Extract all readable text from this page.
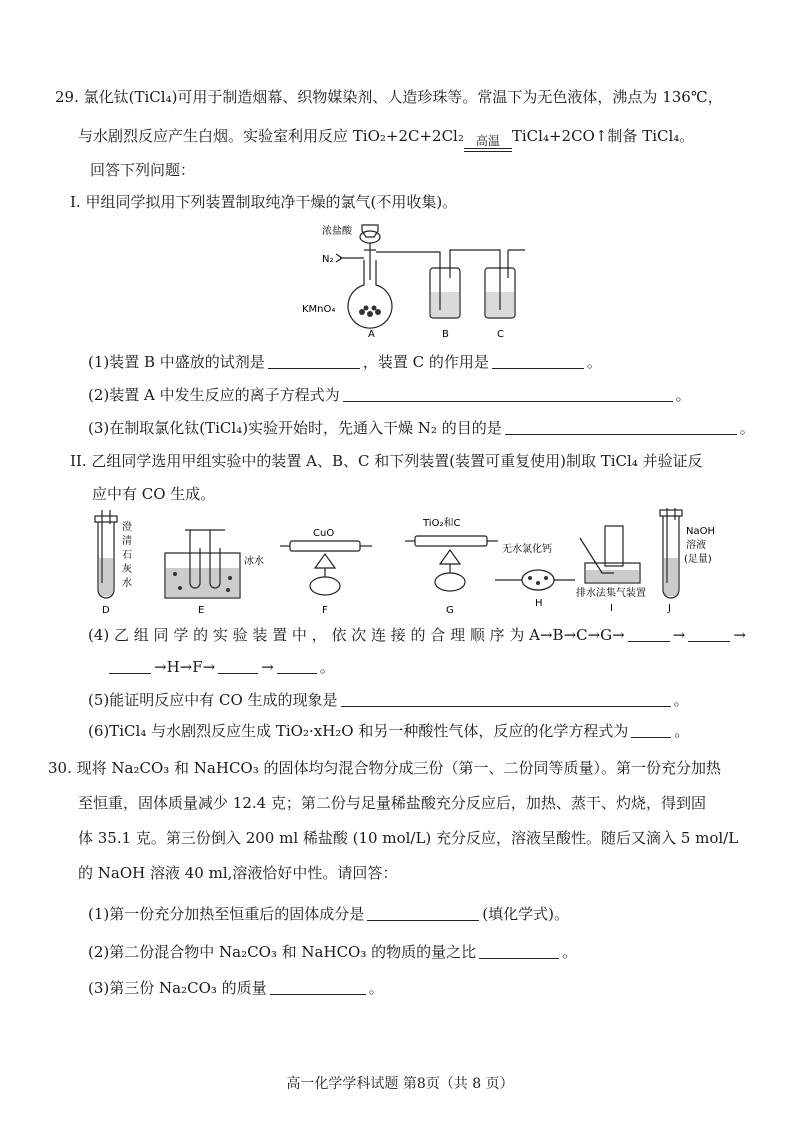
29. 氯化钛(TiCl₄)可用于制造烟幕、织物媒染剂、人造珍珠等。常温下为无色液体，沸点为 136℃，
与水剧烈反应产生白烟。实验室利用反应 TiO₂+2C+2Cl₂ 高温 TiCl₄+2CO↑制备 TiCl₄。
回答下列问题：
I. 甲组同学拟用下列装置制取纯净干燥的氯气(不用收集)。
浓盐酸
N₂
KMnO₄
A	B	C
(1)装置 B 中盛放的试剂是	，装置 C 的作用是	。
(2)装置 A 中发生反应的离子方程式为	。
(3)在制取氯化钛(TiCl₄)实验开始时，先通入干燥 N₂ 的目的是	。
II. 乙组同学选用甲组实验中的装置 A、B、C 和下列装置(装置可重复使用)制取 TiCl₄ 并验证反
应中有 CO 生成。
澄
清
石
灰
水
冰水
CuO
TiO₂和C
无水氯化钙
排水法集气装置
NaOH
溶液
(足量)
D	E	F	G
H	I	J
(4) 乙 组 同 学 的 实 验 装 置 中 ， 依 次 连 接 的 合 理 顺 序 为 A→B→C→G→	→	→
→H→F→	→	。
(5)能证明反应中有 CO 生成的现象是	。
(6)TiCl₄ 与水剧烈反应生成 TiO₂·xH₂O 和另一种酸性气体，反应的化学方程式为	。
30. 现将 Na₂CO₃ 和 NaHCO₃ 的固体均匀混合物分成三份（第一、二份同等质量）。第一份充分加热
至恒重，固体质量减少 12.4 克；第二份与足量稀盐酸充分反应后，加热、蒸干、灼烧，得到固
体 35.1 克。第三份倒入 200 ml 稀盐酸 (10 mol/L) 充分反应，溶液呈酸性。随后又滴入 5 mol/L
的 NaOH 溶液 40 ml,溶液恰好中性。请回答：
(1)第一份充分加热至恒重后的固体成分是	(填化学式)。
(2)第二份混合物中 Na₂CO₃ 和 NaHCO₃ 的物质的量之比	。
(3)第三份 Na₂CO₃ 的质量	。
高一化学学科试题 第8页（共 8 页）
